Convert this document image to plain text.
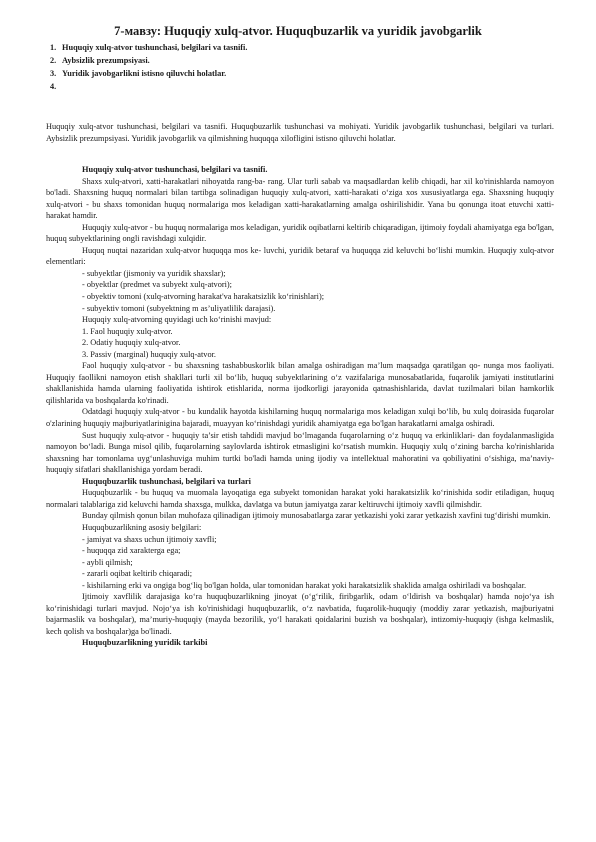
7-мавзу: Huquqiy xulq-atvor. Huquqbuzarlik va yuridik javobgarlik
1. Huquqiy xulq-atvor tushunchasi, belgilari va tasnifi.
2. Aybsizlik prezumpsiyasi.
3. Yuridik javobgarlikni istisno qiluvchi holatlar.
4.

Huquqiy xulq-atvor tushunchasi, belgilari va tasnifi. Huquqbuzarlik tushunchasi va mohiyati. Yuridik javobgarlik tushunchasi, belgilari va turlari. Aybsizlik prezumpsiyasi. Yuridik javobgarlik va qilmishning huquqqa xilofligini istisno qiluvchi holatlar.

Huquqiy xulq-atvor tushunchasi, belgilari va tasnifi.

Shaxs xulq-atvori, xatti-harakatlari nihoyatda rang-ba- rang. Ular turli sabab va maqsadlardan kelib chiqadi, har xil ko'rinishlarda namoyon bo'ladi. Shaxsning huquq normalari bilan tartibga solinadigan huquqiy xulq-atvori, xatti-harakati o‘ziga xos xususiyatlarga ega. Shaxsning huquqiy xulq-atvori - bu shaxs tomonidan huquq normalariga mos keladigan xatti-harakatlarning amalga oshirilishidir. Yana bu qonunga itoat etuvchi xatti-harakat hamdir.

Huquqiy xulq-atvor - bu huquq normalariga mos keladigan, yuridik oqibatlarni keltirib chiqaradigan, ijtimoiy foydali ahamiyatga ega bo'lgan, huquq subyektlarining ongli ravishdagi xulqidir.

Huquq nuqtai nazaridan xulq-atvor huquqqa mos ke- luvchi, yuridik betaraf va huquqqa zid keluvchi bo‘lishi mumkin. Huquqiy xulq-atvor elementlari:

- subyektlar (jismoniy va yuridik shaxslar);
- obyektlar (predmet va subyekt xulq-atvori);
- obyektiv tomoni (xulq-atvorning harakat'va harakatsizlik ko‘rinishlari);
- subyektiv tomoni (subyektning m as’uliyatlilik darajasi).
Huquqiy xulq-atvorning quyidagi uch ko‘rinishi mavjud:
1. Faol huquqiy xulq-atvor.
2. Odatiy huquqiy xulq-atvor.
3. Passiv (marginal) huquqiy xulq-atvor.

Faol huquqiy xulq-atvor - bu shaxsning tashabbuskorlik bilan amalga oshiradigan ma’lum maqsadga qaratilgan qo- nunga mos faoliyati. Huquqiy faollikni namoyon etish shakllari turli xil bo‘lib, huquq subyektlarining o‘z vazifalariga munosabatlarida, fuqarolik jamiyati institutlarini shakllanishida hamda ularning faoliyatida ishtirok etishlarida, norma ijodkorligi jarayonida qatnashishlarida, davlat tuzilmalari bilan hamkorlik qilishlarida va boshqalarda ko'rinadi.

Odatdagi huquqiy xulq-atvor - bu kundalik hayotda kishilarning huquq normalariga mos keladigan xulqi bo‘lib, bu xulq doirasida fuqarolar o'zlarining huquqiy majburiyatlarinigina bajaradi, muayyan ko‘rinishdagi yuridik ahamiyatga ega bo'lgan harakatlarni amalga oshiradi.

Sust huquqiy xulq-atvor - huquqiy ta’sir etish tahdidi mavjud bo‘lmaganda fuqarolarning o‘z huquq va erkinliklari- dan foydalanmasligida namoyon bo‘ladi. Bunga misol qilib, fuqarolarning saylovlarda ishtirok etmasligini ko‘rsatish mumkin. Huquqiy xulq o‘zining barcha ko'rinishlarida shaxsning har tomonlama uyg‘unlashuviga muhim turtki bo'ladi hamda uning ijodiy va intellektual mahoratini va qobiliyatini o‘sishiga, ma’naviy-huquqiy sifatlari shakllanishiga yordam beradi.

Huquqbuzarlik tushunchasi, belgilari va turlari

Huquqbuzarlik - bu huquq va muomala layoqatiga ega subyekt tomonidan harakat yoki harakatsizlik ko‘rinishida sodir etiladigan, huquq normalari talablariga zid keluvchi hamda shaxsga, mulkka, davlatga va butun jamiyatga zarar keltiruvchi ijtimoiy xavfli qilmishdir.

Bunday qilmish qonun bilan muhofaza qilinadigan ijtimoiy munosabatlarga zarar yetkazishi yoki zarar yetkazish xavfini tug‘dirishi mumkin.

Huquqbuzarlikning asosiy belgilari:
- jamiyat va shaxs uchun ijtimoiy xavfli;
- huquqqa zid xarakterga ega;
- aybli qilmish;
- zararli oqibat keltirib chiqaradi;

- kishilarning erki va ongiga bog‘liq bo'lgan holda, ular tomonidan harakat yoki harakatsizlik shaklida amalga oshiriladi va boshqalar.

Ijtimoiy xavflilik darajasiga ko‘ra huquqbuzarlikning jinoyat (o‘g‘rilik, firibgarlik, odam o‘ldirish va boshqalar) hamda nojo‘ya ish ko‘rinishidagi turlari mavjud. Nojo‘ya ish ko'rinishidagi huquqbuzarlik, o‘z navbatida, fuqarolik-huquqiy (moddiy zarar yetkazish, majburiyatni bajarmaslik va boshqalar), ma’muriy-huquqiy (mayda bezorilik, yo‘l harakati qoidalarini buzish va boshqalar), intizomiy-huquqiy (ishga kelmaslik, kech qolish va boshqalar)ga bo'linadi.

Huquqbuzarlikning yuridik tarkibi
